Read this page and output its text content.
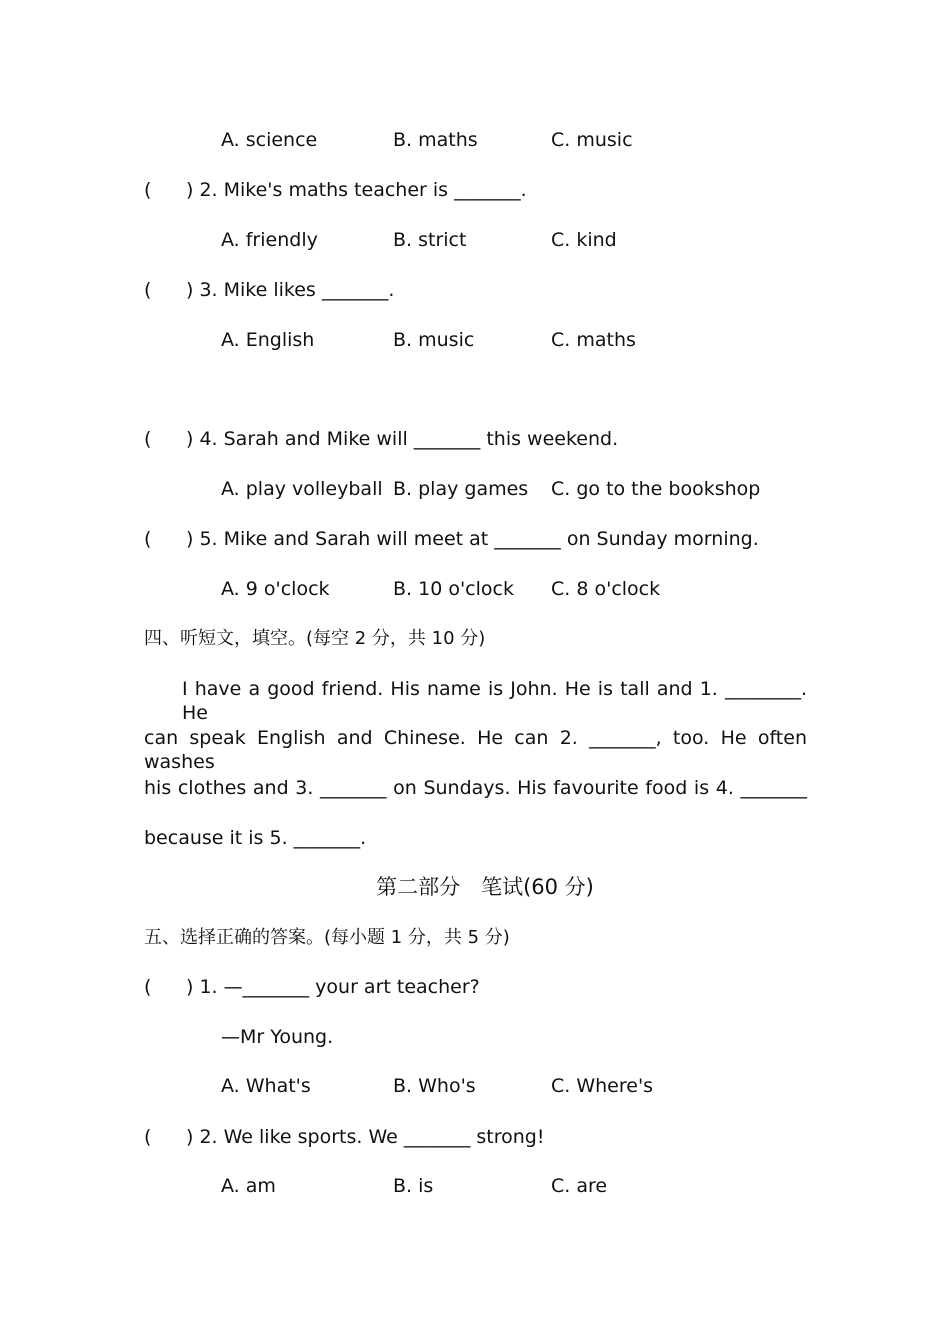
A. science	B. maths	C. music
( ) 2. Mike's maths teacher is _______.
A. friendly	B. strict	C. kind
( ) 3. Mike likes _______.
A. English	B. music	C. maths
( ) 4. Sarah and Mike will _______ this weekend.
A. play volleyball B. play games C. go to the bookshop
( ) 5. Mike and Sarah will meet at _______ on Sunday morning.
A. 9 o'clock	B. 10 o'clock C. 8 o'clock
四、听短文，填空。(每空 2 分，共 10 分)
I have a good friend. His name is John. He is tall and 1. ________. He
can speak English and Chinese. He can 2. _______, too. He often washes
his clothes and 3. _______ on Sundays. His favourite food is 4. _______
because it is 5. _______.
第二部分　笔试(60 分)
五、选择正确的答案。(每小题 1 分，共 5 分)
( ) 1. —_______ your art teacher?
—Mr Young.
A. What's	B. Who's	C. Where's
( ) 2. We like sports. We _______ strong!
A. am	B. is	C. are
